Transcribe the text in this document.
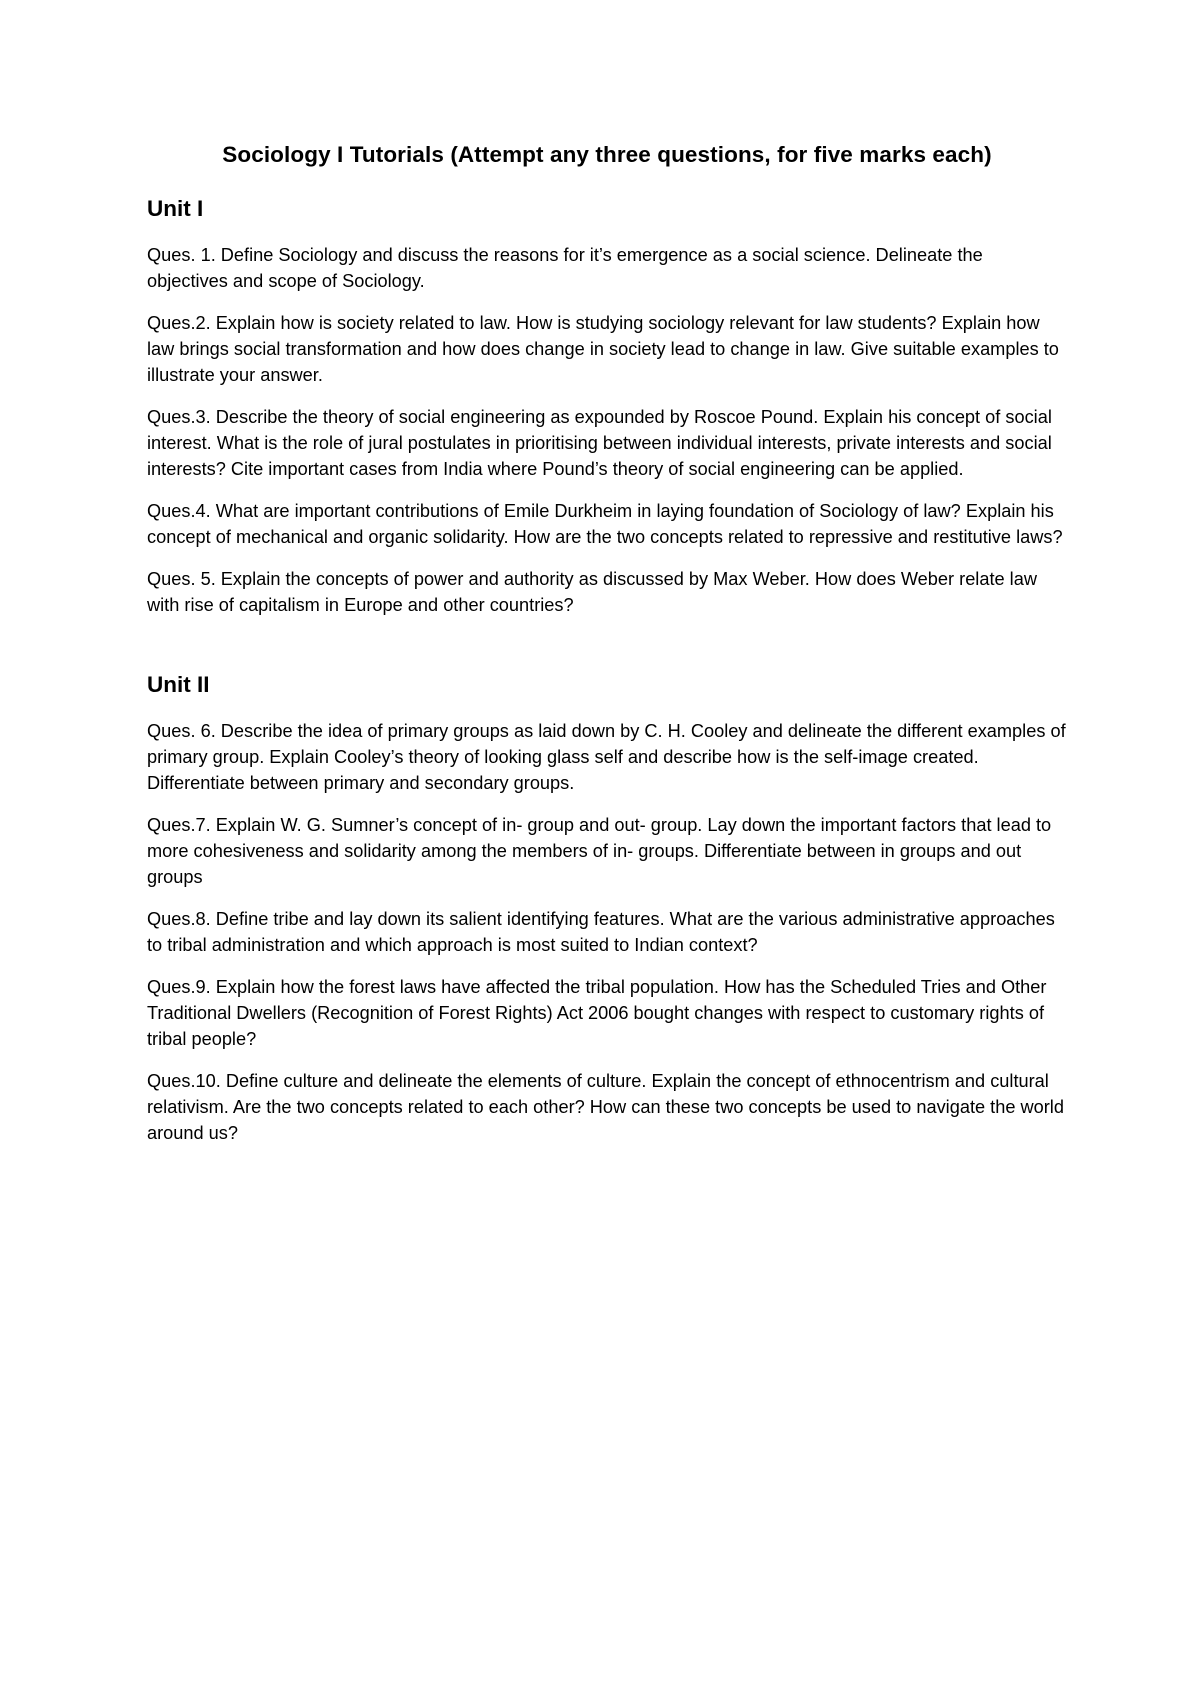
Sociology I Tutorials (Attempt any three questions, for five marks each)
Unit I

Ques. 1. Define Sociology and discuss the reasons for it’s emergence as a social science. Delineate the objectives and scope of Sociology.

Ques.2. Explain how is society related to law. How is studying sociology relevant for law students? Explain how law brings social transformation and how does change in society lead to change in law. Give suitable examples to illustrate your answer.

Ques.3. Describe the theory of social engineering as expounded by Roscoe Pound. Explain his concept of social interest. What is the role of jural postulates in prioritising between individual interests, private interests and social interests? Cite important cases from India where Pound’s theory of social engineering can be applied.

Ques.4. What are important contributions of Emile Durkheim in laying foundation of Sociology of law? Explain his concept of mechanical and organic solidarity. How are the two concepts related to repressive and restitutive laws?

Ques. 5. Explain the concepts of power and authority as discussed by Max Weber. How does Weber relate law with rise of capitalism in Europe and other countries?

Unit II

Ques. 6. Describe the idea of primary groups as laid down by C. H. Cooley and delineate the different examples of primary group. Explain Cooley’s theory of looking glass self and describe how is the self-image created. Differentiate between primary and secondary groups.

Ques.7. Explain W. G. Sumner’s concept of in- group and out- group. Lay down the important factors that lead to more cohesiveness and solidarity among the members of in- groups. Differentiate between in groups and out groups

Ques.8. Define tribe and lay down its salient identifying features. What are the various administrative approaches to tribal administration and which approach is most suited to Indian context?

Ques.9. Explain how the forest laws have affected the tribal population. How has the Scheduled Tries and Other Traditional Dwellers (Recognition of Forest Rights) Act 2006 bought changes with respect to customary rights of tribal people?

Ques.10. Define culture and delineate the elements of culture. Explain the concept of ethnocentrism and cultural relativism. Are the two concepts related to each other? How can these two concepts be used to navigate the world around us?
